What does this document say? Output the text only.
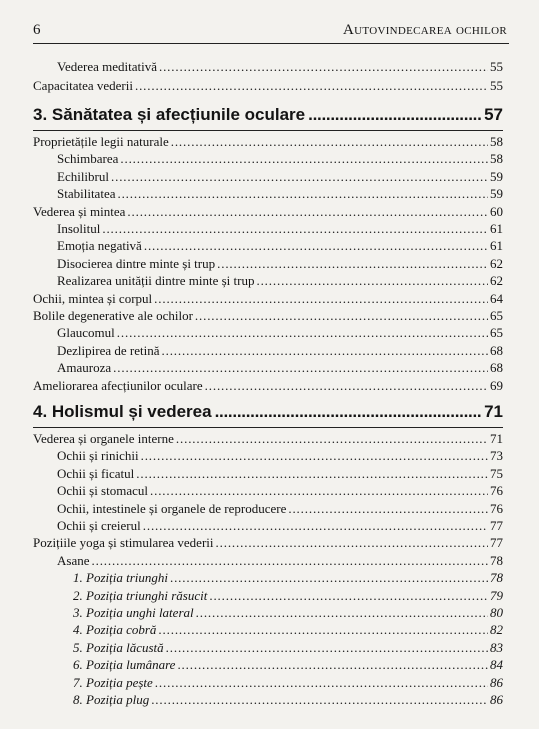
6	Autovindecarea ochilor
Vederea meditativă . . .	55
Capacitatea vederii . . .	55
3. Sănătatea și afecțiunile oculare . . .	57
Proprietățile legii naturale . . .	58
Schimbarea . . .	58
Echilibrul . . .	59
Stabilitatea . . .	59
Vederea și mintea . . .	60
Insolitul . . .	61
Emoția negativă . . .	61
Disocierea dintre minte și trup . . .	62
Realizarea unității dintre minte și trup . . .	62
Ochii, mintea și corpul . . .	64
Bolile degenerative ale ochilor . . .	65
Glaucomul . . .	65
Dezlipirea de retină . . .	68
Amauroza . . .	68
Ameliorarea afecțiunilor oculare . . .	69
4. Holismul și vederea . . .	71
Vederea și organele interne . . .	71
Ochii și rinichii . . .	73
Ochii și ficatul . . .	75
Ochii și stomacul . . .	76
Ochii, intestinele și organele de reproducere . . .	76
Ochii și creierul . . .	77
Pozițiile yoga și stimularea vederii . . .	77
Asane . . .	78
1. Poziția triunghi . . .	78
2. Poziția triunghi răsucit . . .	79
3. Poziția unghi lateral . . .	80
4. Poziția cobră . . .	82
5. Poziția lăcustă . . .	83
6. Poziția lumânare . . .	84
7. Poziția pește . . .	86
8. Poziția plug . . .	86
